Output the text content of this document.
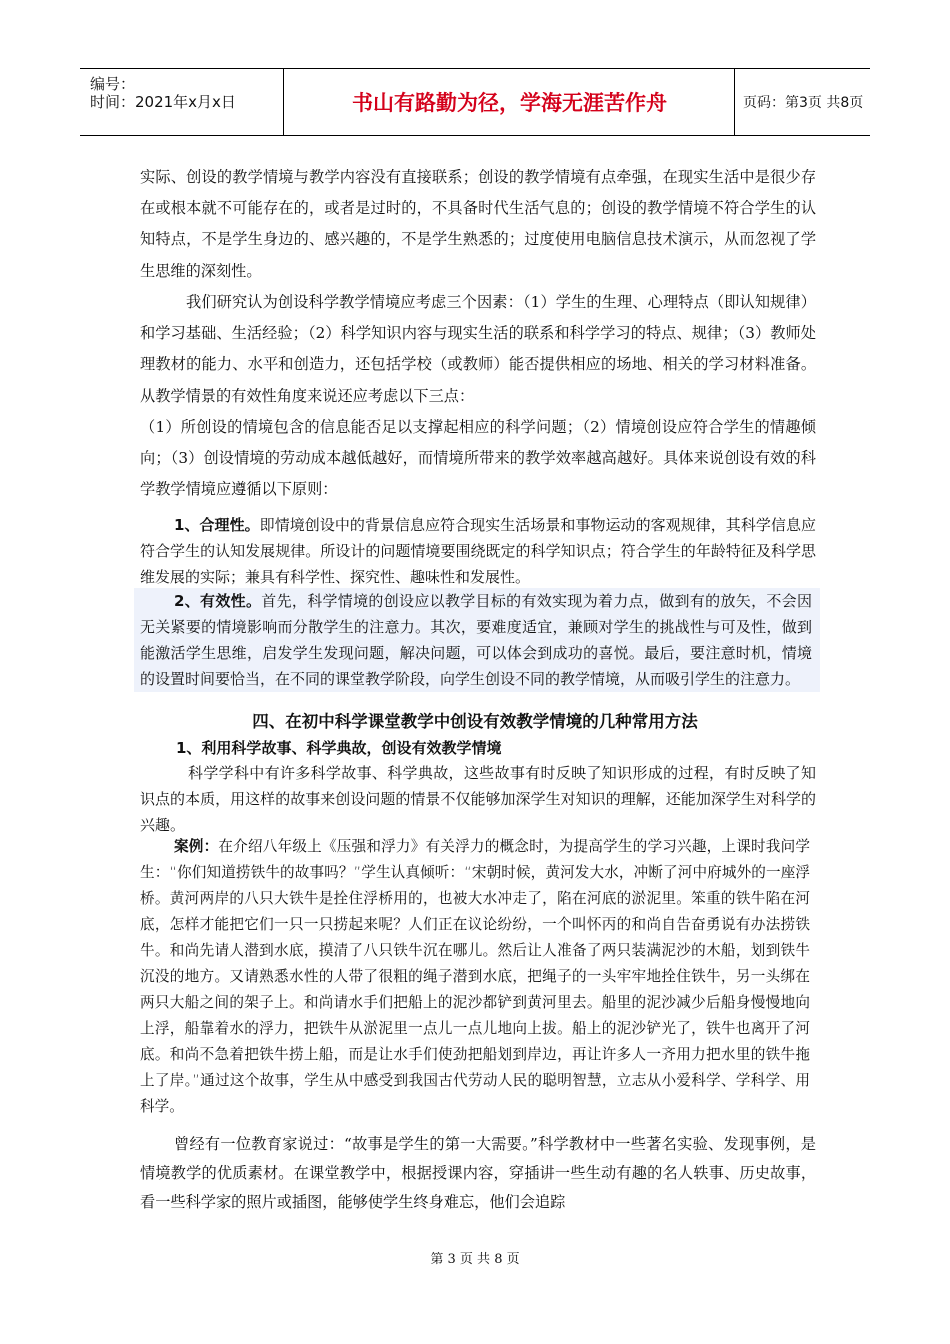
编号：
时间：2021年x月x日	书山有路勤为径，学海无涯苦作舟	页码：第3页 共8页
实际、创设的教学情境与教学内容没有直接联系；创设的教学情境有点牵强，在现实生活中是很少存在或根本就不可能存在的，或者是过时的，不具备时代生活气息的；创设的教学情境不符合学生的认知特点，不是学生身边的、感兴趣的，不是学生熟悉的；过度使用电脑信息技术演示，从而忽视了学生思维的深刻性。
我们研究认为创设科学教学情境应考虑三个因素：（1）学生的生理、心理特点（即认知规律）和学习基础、生活经验；（2）科学知识内容与现实生活的联系和科学学习的特点、规律；（3）教师处理教材的能力、水平和创造力，还包括学校（或教师）能否提供相应的场地、相关的学习材料准备。从教学情景的有效性角度来说还应考虑以下三点：
（1）所创设的情境包含的信息能否足以支撑起相应的科学问题；（2）情境创设应符合学生的情趣倾向；（3）创设情境的劳动成本越低越好，而情境所带来的教学效率越高越好。具体来说创设有效的科学教学情境应遵循以下原则：
1、合理性。即情境创设中的背景信息应符合现实生活场景和事物运动的客观规律，其科学信息应符合学生的认知发展规律。所设计的问题情境要围绕既定的科学知识点；符合学生的年龄特征及科学思维发展的实际；兼具有科学性、探究性、趣味性和发展性。
2、有效性。首先，科学情境的创设应以教学目标的有效实现为着力点，做到有的放矢，不会因无关紧要的情境影响而分散学生的注意力。其次，要难度适宜，兼顾对学生的挑战性与可及性，做到能激活学生思维，启发学生发现问题，解决问题，可以体会到成功的喜悦。最后，要注意时机，情境的设置时间要恰当，在不同的课堂教学阶段，向学生创设不同的教学情境，从而吸引学生的注意力。
四、在初中科学课堂教学中创设有效教学情境的几种常用方法
1、利用科学故事、科学典故，创设有效教学情境
科学学科中有许多科学故事、科学典故，这些故事有时反映了知识形成的过程，有时反映了知识点的本质，用这样的故事来创设问题的情景不仅能够加深学生对知识的理解，还能加深学生对科学的兴趣。
案例：在介绍八年级上《压强和浮力》有关浮力的概念时，为提高学生的学习兴趣，上课时我问学生：“你们知道捞铁牛的故事吗？”学生认真倾听：“宋朝时候，黄河发大水，冲断了河中府城外的一座浮桥。黄河两岸的八只大铁牛是拴住浮桥用的，也被大水冲走了，陷在河底的淤泥里。笨重的铁牛陷在河底，怎样才能把它们一只一只捞起来呢？人们正在议论纷纷，一个叫怀丙的和尚自告奋勇说有办法捞铁牛。和尚先请人潜到水底，摸清了八只铁牛沉在哪儿。然后让人准备了两只装满泥沙的木船，划到铁牛沉没的地方。又请熟悉水性的人带了很粗的绳子潜到水底，把绳子的一头牢牢地拴住铁牛，另一头绑在两只大船之间的架子上。和尚请水手们把船上的泥沙都铲到黄河里去。船里的泥沙减少后船身慢慢地向上浮，船靠着水的浮力，把铁牛从淤泥里一点儿一点儿地向上拔。船上的泥沙铲光了，铁牛也离开了河底。和尚不急着把铁牛捞上船，而是让水手们使劲把船划到岸边，再让许多人一齐用力把水里的铁牛拖上了岸。”通过这个故事，学生从中感受到我国古代劳动人民的聪明智慧，立志从小爱科学、学科学、用科学。
曾经有一位教育家说过：“故事是学生的第一大需要。”科学教材中一些著名实验、发现事例，是情境教学的优质素材。在课堂教学中，根据授课内容，穿插讲一些生动有趣的名人轶事、历史故事，看一些科学家的照片或插图，能够使学生终身难忘，他们会追踪
第 3 页 共 8 页
